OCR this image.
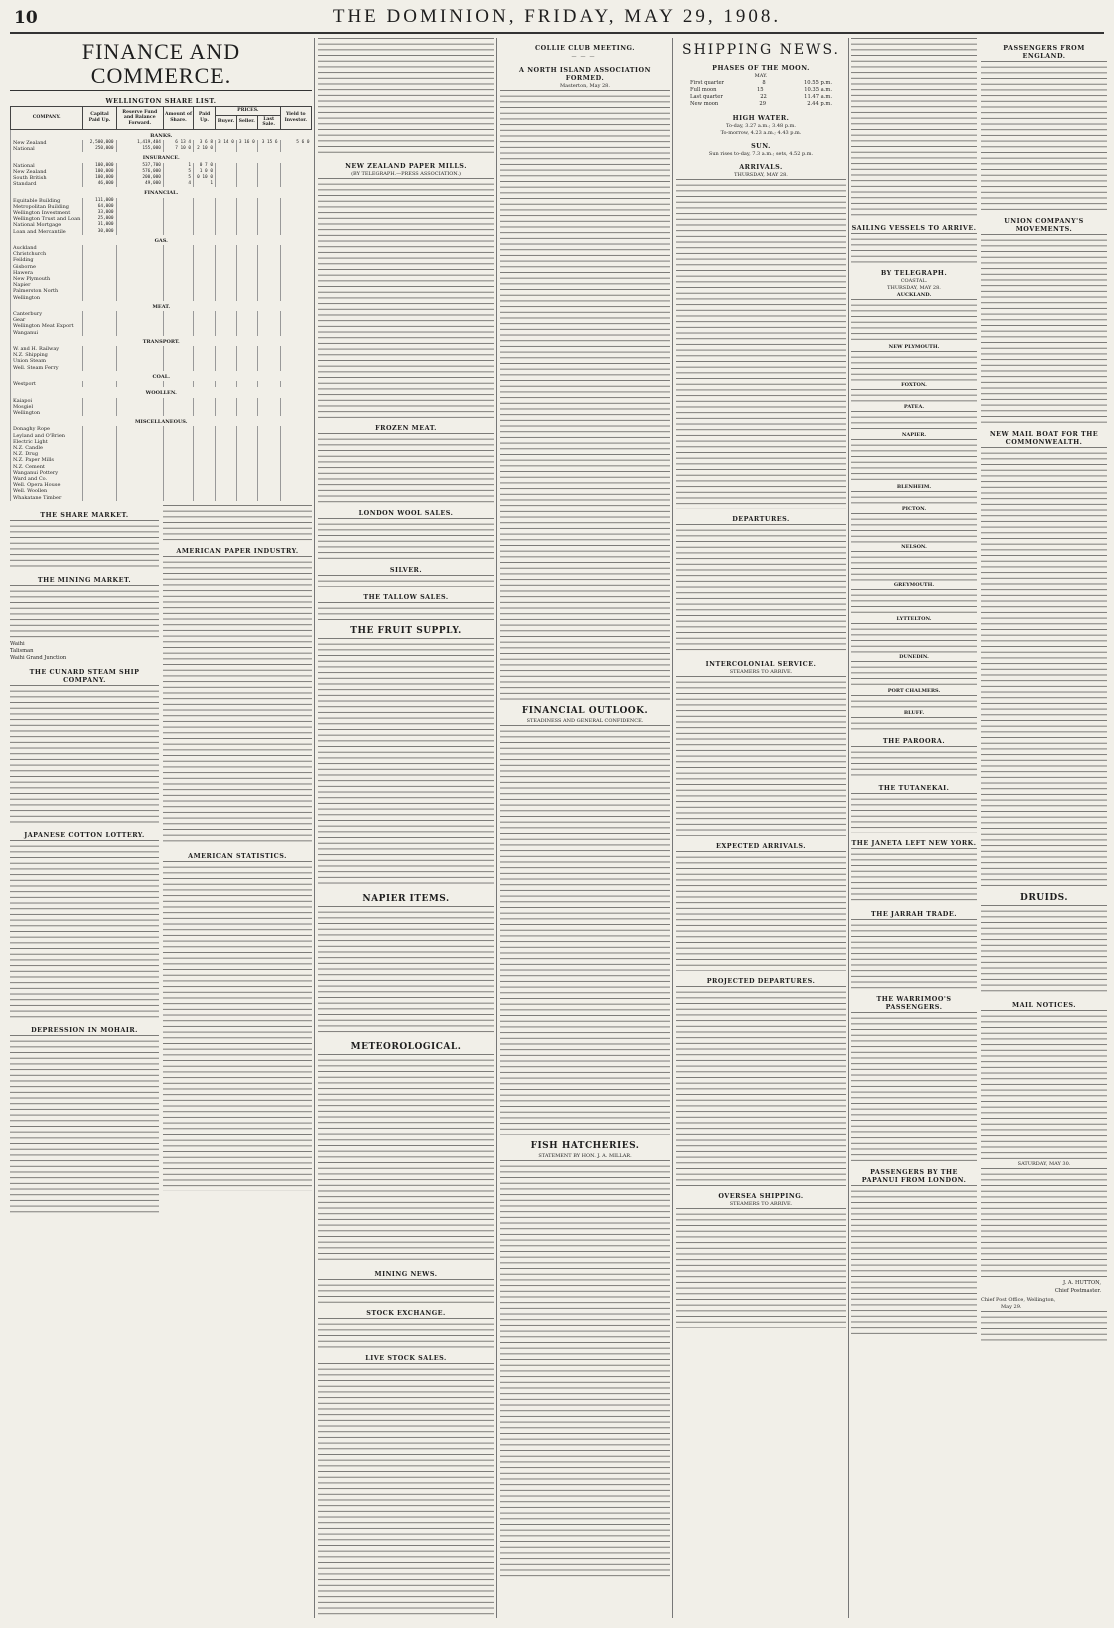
10	THE DOMINION, FRIDAY, MAY 29, 1908.
FINANCE AND COMMERCE.
WELLINGTON SHARE LIST.
COMPANY.	Capital Paid Up.	Reserve Fund and Balance Forward.	Amount of Share.	Paid Up.	PRICES.			Yield to Investor.
					Buyer.	Seller.	Last Sale.	
BANKS.								
New Zealand	2,500,000	1,419,404	6 13 4	3 6 8	3 14 0	3 16 0	3 15 6	5 6 0
National	250,000	155,000	7 10 0	2 10 0				
INSURANCE.								
National	100,000	537,700	1	0 7 0				
New Zealand	100,000	576,000	5	1 0 0				
South British	100,000	200,000	5	0 10 0				
Standard	46,000	49,000	4	1				
FINANCIAL.								
Equitable Building	111,000							
Metropolitan Building	64,000							
Wellington Investment	33,000							
Wellington Trust and Loan	25,000							
National Mortgage	31,000							
Loan and Mercantile	30,000							
GAS.								
Auckland								
Christchurch								
Feilding								
Gisborne								
Hawera								
New Plymouth								
Napier								
Palmerston North								
Wellington								
MEAT.								
Canterbury								
Gear								
Wellington Meat Export								
Wanganui								
TRANSPORT.								
W. and H. Railway								
N.Z. Shipping								
Union Steam								
Well. Steam Ferry								
COAL.								
Westport								
WOOLLEN.								
Kaiapoi								
Mosgiel								
Wellington								
MISCELLANEOUS.								
Donaghy Rope								
Leyland and O'Brien								
Electric Light								
N.Z. Candle								
N.Z. Drug								
N.Z. Paper Mills								
N.Z. Cement								
Wanganui Pottery								
Ward and Co.								
Well. Opera House								
Well. Woollen								
Whakatane Timber								
THE SHARE MARKET.
THE MINING MARKET.
Waihi
Talisman
Waihi Grand Junction
THE CUNARD STEAM SHIP COMPANY.
JAPANESE COTTON LOTTERY.
DEPRESSION IN MOHAIR.
AMERICAN PAPER INDUSTRY.
AMERICAN STATISTICS.
NEW ZEALAND PAPER MILLS.
(BY TELEGRAPH.—PRESS ASSOCIATION.)
FROZEN MEAT.
LONDON WOOL SALES.
SILVER.
THE TALLOW SALES.
THE FRUIT SUPPLY.
NAPIER ITEMS.
METEOROLOGICAL.
MINING NEWS.
STOCK EXCHANGE.
LIVE STOCK SALES.
COLLIE CLUB MEETING.
———
A NORTH ISLAND ASSOCIATION FORMED.
Masterton, May 28.
FINANCIAL OUTLOOK.
STEADINESS AND GENERAL CONFIDENCE.
FISH HATCHERIES.
STATEMENT BY HON. J. A. MILLAR.
SHIPPING NEWS.
PHASES OF THE MOON.
MAY.
First quarter	8	10.55 p.m.
Full moon	15	10.35 a.m.
Last quarter	22	11.47 a.m.
New moon	29	2.44 p.m.
HIGH WATER.
To-day, 3.27 a.m.; 3.48 p.m.
To-morrow, 4.23 a.m.; 4.43 p.m.
SUN.
Sun rises to-day, 7.3 a.m.; sets, 4.52 p.m.
ARRIVALS.
THURSDAY, MAY 28.
DEPARTURES.
INTERCOLONIAL SERVICE.
STEAMERS TO ARRIVE.
EXPECTED ARRIVALS.
PROJECTED DEPARTURES.
OVERSEA SHIPPING.
STEAMERS TO ARRIVE.
SAILING VESSELS TO ARRIVE.
BY TELEGRAPH.
COASTAL.
THURSDAY, MAY 28.
AUCKLAND.
NEW PLYMOUTH.
FOXTON.
PATEA.
NAPIER.
BLENHEIM.
PICTON.
NELSON.
GREYMOUTH.
LYTTELTON.
DUNEDIN.
PORT CHALMERS.
BLUFF.
THE PAROORA.
THE TUTANEKAI.
THE JANETA LEFT NEW YORK.
THE JARRAH TRADE.
THE WARRIMOO'S PASSENGERS.
PASSENGERS BY THE PAPANUI FROM LONDON.
PASSENGERS FROM ENGLAND.
UNION COMPANY'S MOVEMENTS.
NEW MAIL BOAT FOR THE COMMONWEALTH.
DRUIDS.
MAIL NOTICES.
SATURDAY, MAY 30.
J. A. HUTTON,
Chief Postmaster.
Chief Post Office, Wellington,
May 29.
